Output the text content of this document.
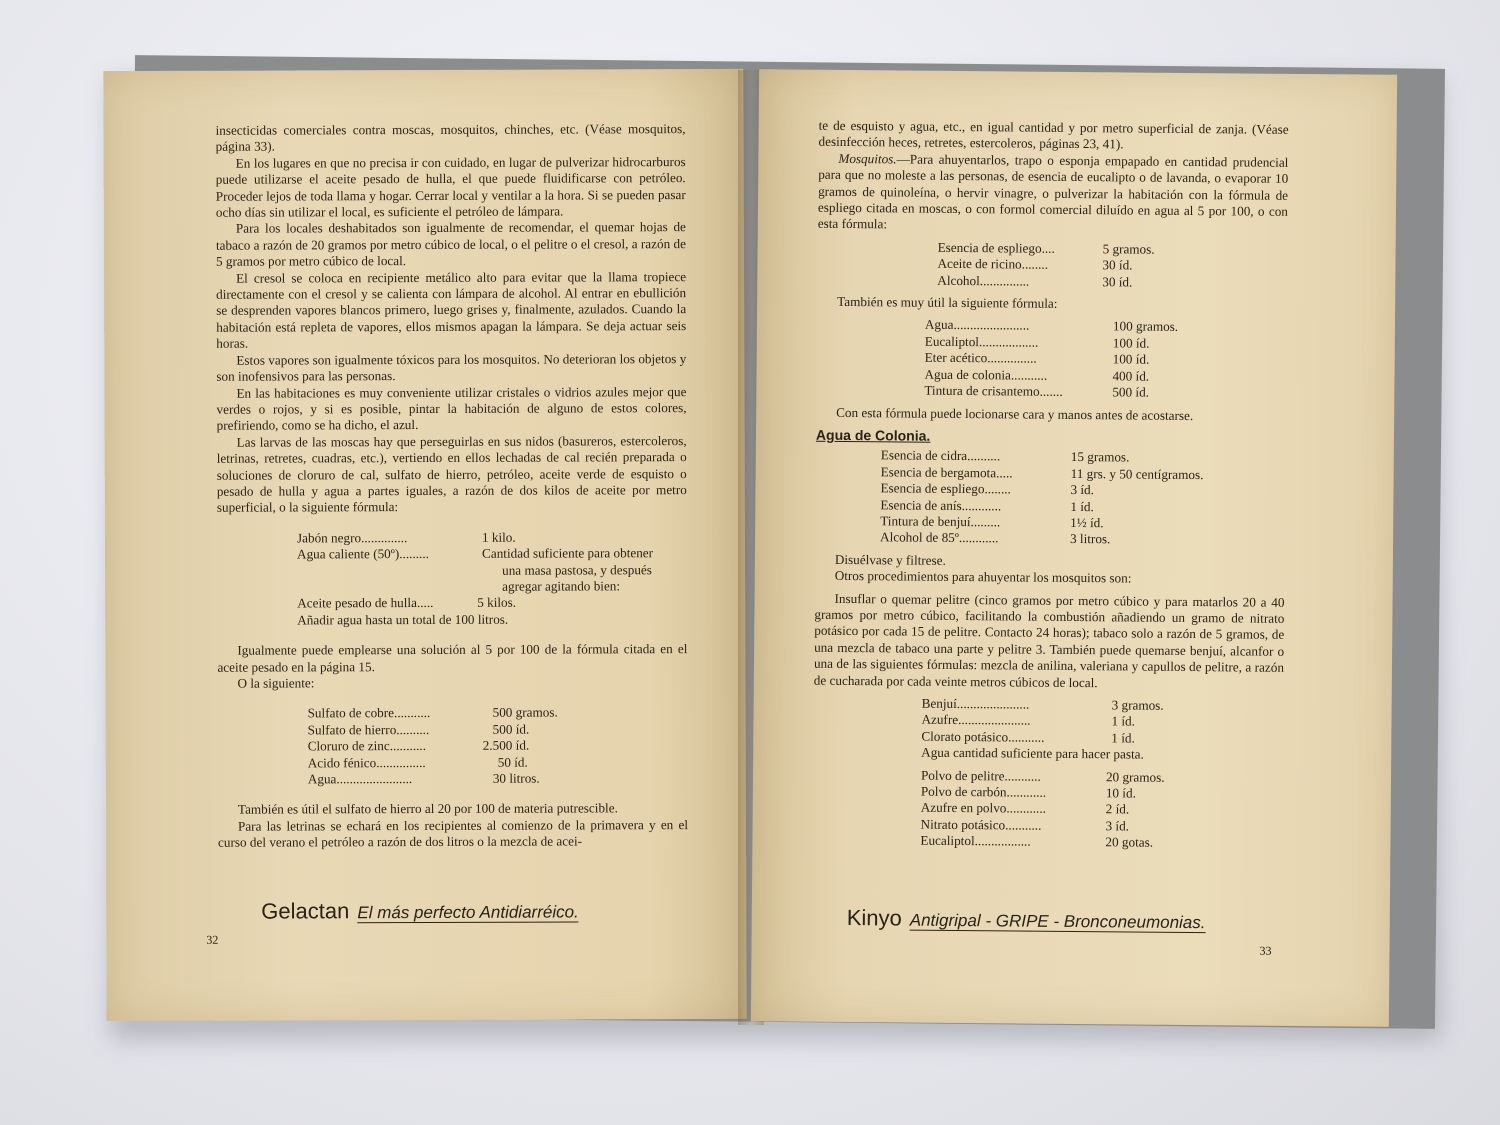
insecticidas comerciales contra moscas, mosquitos, chinches, etc. (Véase mosquitos, página 33).

En los lugares en que no precisa ir con cuidado, en lugar de pulverizar hidrocarburos puede utilizarse el aceite pesado de hulla, el que puede fluidificarse con petróleo. Proceder lejos de toda llama y hogar. Cerrar local y ventilar a la hora. Si se pueden pasar ocho días sin utilizar el local, es suficiente el petróleo de lámpara.

Para los locales deshabitados son igualmente de recomendar, el quemar hojas de tabaco a razón de 20 gramos por metro cúbico de local, o el pelitre o el cresol, a razón de 5 gramos por metro cúbico de local.

El cresol se coloca en recipiente metálico alto para evitar que la llama tropiece directamente con el cresol y se calienta con lámpara de alcohol. Al entrar en ebullición se desprenden vapores blancos primero, luego grises y, finalmente, azulados. Cuando la habitación está repleta de vapores, ellos mismos apagan la lámpara. Se deja actuar seis horas.

Estos vapores son igualmente tóxicos para los mosquitos. No deterioran los objetos y son inofensivos para las personas.

En las habitaciones es muy conveniente utilizar cristales o vidrios azules mejor que verdes o rojos, y si es posible, pintar la habitación de alguno de estos colores, prefiriendo, como se ha dicho, el azul.

Las larvas de las moscas hay que perseguirlas en sus nidos (basureros, estercoleros, letrinas, retretes, cuadras, etc.), vertiendo en ellos lechadas de cal recién preparada o soluciones de cloruro de cal, sulfato de hierro, petróleo, aceite verde de esquisto o pesado de hulla y agua a partes iguales, a razón de dos kilos de aceite por metro superficial, o la siguiente fórmula:

Jabón negro..............	1 kilo.
Agua caliente (50º).........	Cantidad suficiente para obtener
una masa pastosa, y después
agregar agitando bien:
Aceite pesado de hulla.....	5 kilos.
Añadir agua hasta un total de 100 litros.

Igualmente puede emplearse una solución al 5 por 100 de la fórmula citada en el aceite pesado en la página 15.

O la siguiente:

Sulfato de cobre...........	500 gramos.
Sulfato de hierro..........	500 íd.
Cloruro de zinc...........	2.500 íd.
Acido fénico...............	50 íd.
Agua.......................	30 litros.

También es útil el sulfato de hierro al 20 por 100 de materia putrescible.

Para las letrinas se echará en los recipientes al comienzo de la primavera y en el curso del verano el petróleo a razón de dos litros o la mezcla de acei-

Gelactan El más perfecto Antidiarréico.
32

te de esquisto y agua, etc., en igual cantidad y por metro superficial de zanja. (Véase desinfección heces, retretes, estercoleros, páginas 23, 41).

Mosquitos.—Para ahuyentarlos, trapo o esponja empapado en cantidad prudencial para que no moleste a las personas, de esencia de eucalipto o de lavanda, o evaporar 10 gramos de quinoleína, o hervir vinagre, o pulverizar la habitación con la fórmula de espliego citada en moscas, o con formol comercial diluído en agua al 5 por 100, o con esta fórmula:

Esencia de espliego....	5 gramos.
Aceite de ricino........	30 íd.
Alcohol...............	30 íd.

También es muy útil la siguiente fórmula:

Agua.......................	100 gramos.
Eucaliptol..................	100 íd.
Eter acético...............	100 íd.
Agua de colonia...........	400 íd.
Tintura de crisantemo.......	500 íd.

Con esta fórmula puede locionarse cara y manos antes de acostarse.

Agua de Colonia.
Esencia de cidra..........	15 gramos.
Esencia de bergamota.....	11 grs. y 50 centígramos.
Esencia de espliego........	3 íd.
Esencia de anís............	1 íd.
Tintura de benjuí.........	1½ íd.
Alcohol de 85º............	3 litros.

Disuélvase y filtrese.

Otros procedimientos para ahuyentar los mosquitos son:

Insuflar o quemar pelitre (cinco gramos por metro cúbico y para matarlos 20 a 40 gramos por metro cúbico, facilitando la combustión añadiendo un gramo de nitrato potásico por cada 15 de pelitre. Contacto 24 horas); tabaco solo a razón de 5 gramos, de una mezcla de tabaco una parte y pelitre 3. También puede quemarse benjuí, alcanfor o una de las siguientes fórmulas: mezcla de anilina, valeriana y capullos de pelitre, a razón de cucharada por cada veinte metros cúbicos de local.

Benjuí......................	3 gramos.
Azufre......................	1 íd.
Clorato potásico...........	1 íd.
Agua cantidad suficiente para hacer pasta.
Polvo de pelitre...........	20 gramos.
Polvo de carbón............	10 íd.
Azufre en polvo............	2 íd.
Nitrato potásico...........	3 íd.
Eucaliptol.................	20 gotas.
Kinyo Antigripal - GRIPE - Bronconeumonias.
33
